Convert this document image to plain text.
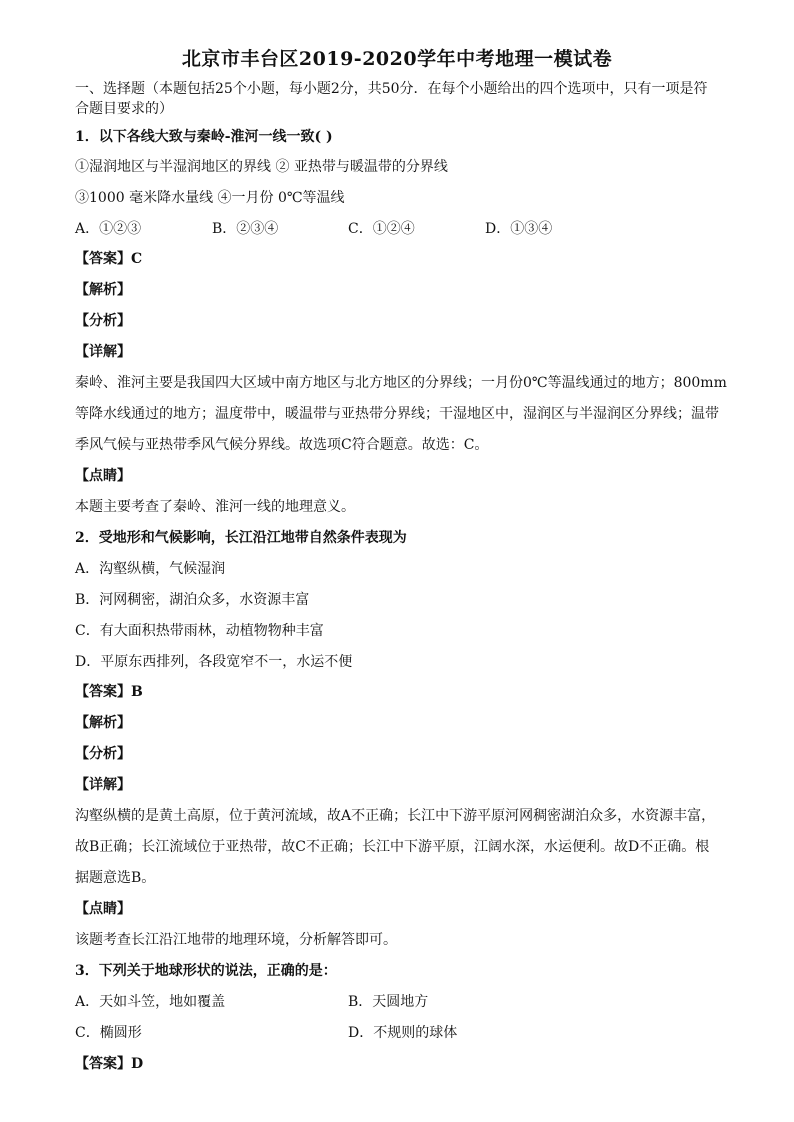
北京市丰台区2019-2020学年中考地理一模试卷
一、选择题（本题包括25个小题，每小题2分，共50分．在每个小题给出的四个选项中，只有一项是符
合题目要求的）
1．以下各线大致与秦岭-淮河一线一致( )
①湿润地区与半湿润地区的界线 ② 亚热带与暖温带的分界线
③1000 毫米降水量线 ④一月份 0℃等温线
A．①②③	B．②③④	C．①②④	D．①③④
【答案】C
【解析】
【分析】
【详解】
秦岭、淮河主要是我国四大区域中南方地区与北方地区的分界线；一月份0℃等温线通过的地方；800mm
等降水线通过的地方；温度带中，暖温带与亚热带分界线；干湿地区中，湿润区与半湿润区分界线；温带
季风气候与亚热带季风气候分界线。故选项C符合题意。故选：C。
【点睛】
本题主要考查了秦岭、淮河一线的地理意义。
2．受地形和气候影响，长江沿江地带自然条件表现为
A．沟壑纵横，气候湿润
B．河网稠密，湖泊众多，水资源丰富
C．有大面积热带雨林，动植物物种丰富
D．平原东西排列，各段宽窄不一，水运不便
【答案】B
【解析】
【分析】
【详解】
沟壑纵横的是黄土高原，位于黄河流域，故A不正确；长江中下游平原河网稠密湖泊众多，水资源丰富，
故B正确；长江流域位于亚热带，故C不正确；长江中下游平原，江阔水深，水运便利。故D不正确。根
据题意选B。
【点睛】
该题考查长江沿江地带的地理环境，分析解答即可。
3．下列关于地球形状的说法，正确的是：
A．天如斗笠，地如覆盖	B．天圆地方
C．椭圆形	D．不规则的球体
【答案】D
